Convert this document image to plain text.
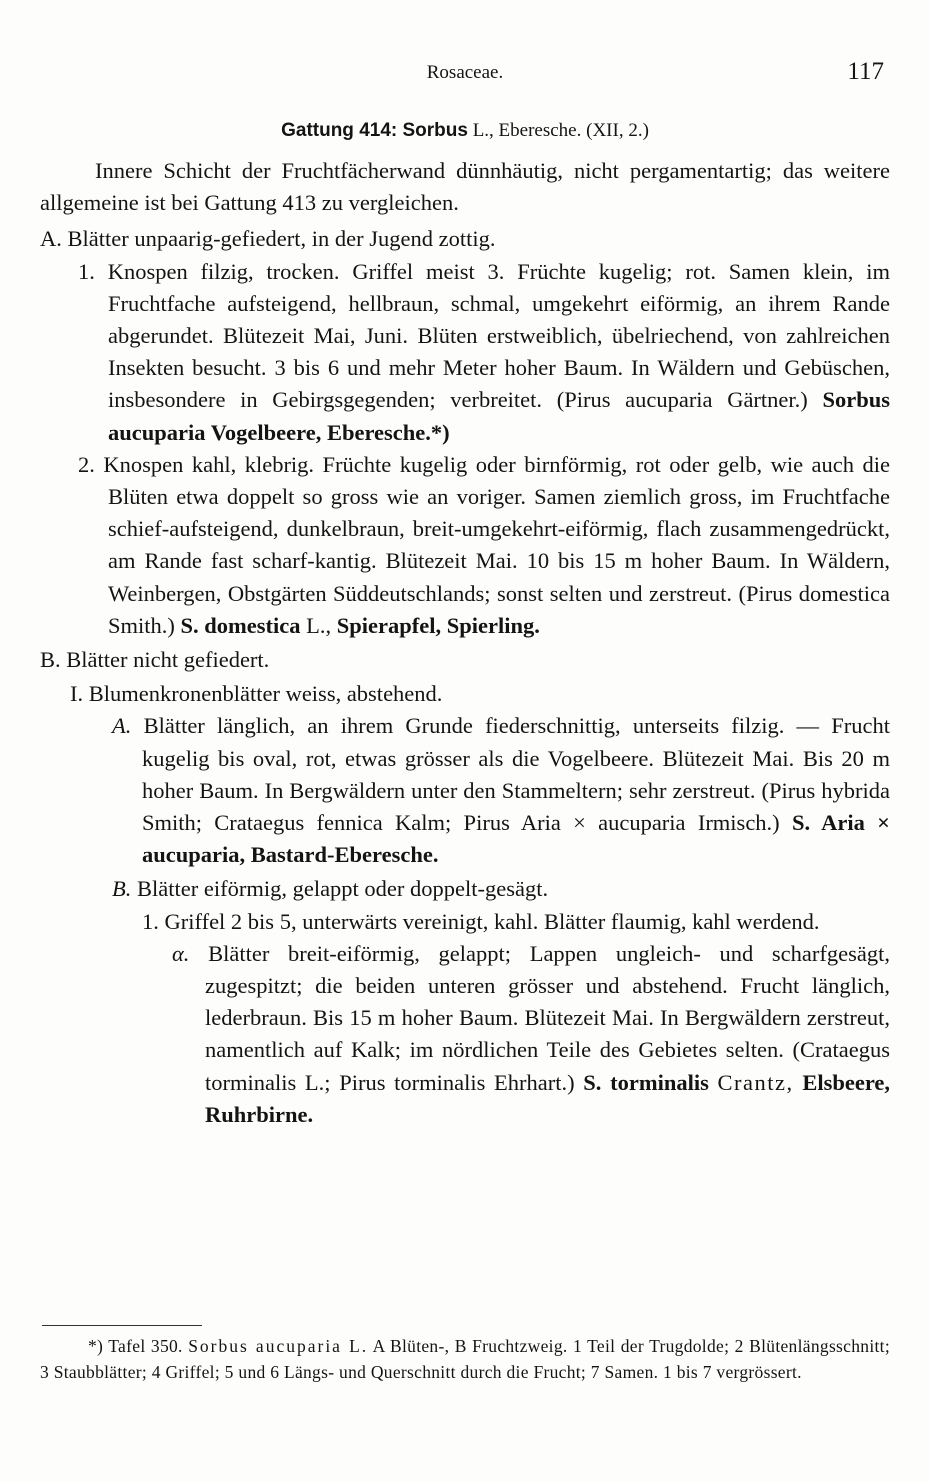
Rosaceae.	117
Gattung 414: Sorbus L., Eberesche. (XII, 2.)

Innere Schicht der Fruchtfächerwand dünnhäutig, nicht pergamentartig; das weitere allgemeine ist bei Gattung 413 zu vergleichen.

A. Blätter unpaarig-gefiedert, in der Jugend zottig.

1. Knospen filzig, trocken. Griffel meist 3. Früchte kugelig; rot. Samen klein, im Fruchtfache aufsteigend, hellbraun, schmal, umgekehrt eiförmig, an ihrem Rande abgerundet. Blütezeit Mai, Juni. Blüten erstweiblich, übelriechend, von zahlreichen Insekten besucht. 3 bis 6 und mehr Meter hoher Baum. In Wäldern und Gebüschen, insbesondere in Gebirgsgegenden; verbreitet. (Pirus aucuparia Gärtner.) Sorbus aucuparia Vogelbeere, Eberesche.*)

2. Knospen kahl, klebrig. Früchte kugelig oder birnförmig, rot oder gelb, wie auch die Blüten etwa doppelt so gross wie an voriger. Samen ziemlich gross, im Fruchtfache schief-aufsteigend, dunkelbraun, breit-umgekehrt-eiförmig, flach zusammengedrückt, am Rande fast scharf-kantig. Blütezeit Mai. 10 bis 15 m hoher Baum. In Wäldern, Weinbergen, Obstgärten Süddeutschlands; sonst selten und zerstreut. (Pirus domestica Smith.) S. domestica L., Spierapfel, Spierling.

B. Blätter nicht gefiedert.

I. Blumenkronenblätter weiss, abstehend.

A. Blätter länglich, an ihrem Grunde fiederschnittig, unterseits filzig. — Frucht kugelig bis oval, rot, etwas grösser als die Vogelbeere. Blütezeit Mai. Bis 20 m hoher Baum. In Bergwäldern unter den Stammeltern; sehr zerstreut. (Pirus hybrida Smith; Crataegus fennica Kalm; Pirus Aria × aucuparia Irmisch.) S. Aria × aucuparia, Bastard-Eberesche.

B. Blätter eiförmig, gelappt oder doppelt-gesägt.

1. Griffel 2 bis 5, unterwärts vereinigt, kahl. Blätter flaumig, kahl werdend.

α. Blätter breit-eiförmig, gelappt; Lappen ungleich- und scharfgesägt, zugespitzt; die beiden unteren grösser und abstehend. Frucht länglich, lederbraun. Bis 15 m hoher Baum. Blütezeit Mai. In Bergwäldern zerstreut, namentlich auf Kalk; im nördlichen Teile des Gebietes selten. (Crataegus torminalis L.; Pirus torminalis Ehrhart.) S. torminalis Crantz, Elsbeere, Ruhrbirne.

*) Tafel 350. Sorbus aucuparia L. A Blüten-, B Fruchtzweig. 1 Teil der Trugdolde; 2 Blütenlängsschnitt; 3 Staubblätter; 4 Griffel; 5 und 6 Längs- und Querschnitt durch die Frucht; 7 Samen. 1 bis 7 vergrössert.
